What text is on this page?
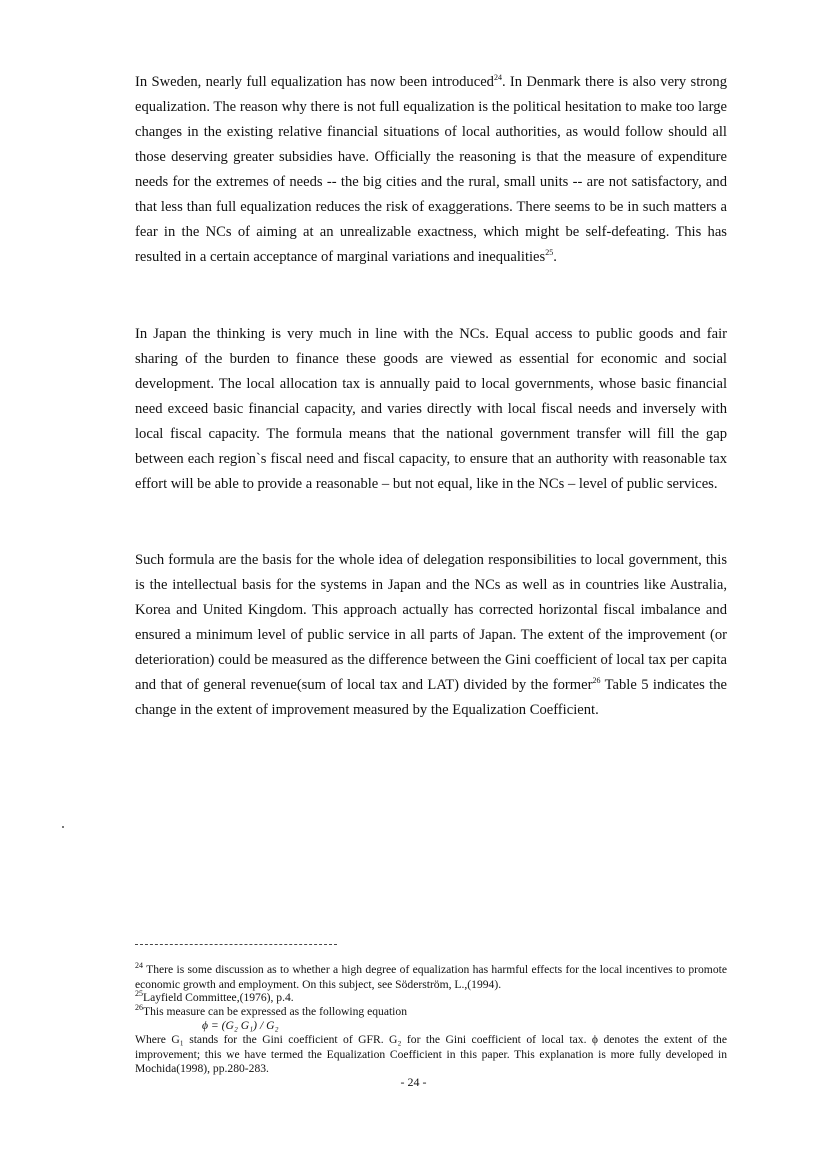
In Sweden, nearly full equalization has now been introduced$^{24}$. In Denmark there is also very strong equalization. The reason why there is not full equalization is the political hesitation to make too large changes in the existing relative financial situations of local authorities, as would follow should all those deserving greater subsidies have. Officially the reasoning is that the measure of expenditure needs for the extremes of needs -- the big cities and the rural, small units -- are not satisfactory, and that less than full equalization reduces the risk of exaggerations. There seems to be in such matters a fear in the NCs of aiming at an unrealizable exactness, which might be self-defeating. This has resulted in a certain acceptance of marginal variations and inequalities$^{25}$.

In Japan the thinking is very much in line with the NCs. Equal access to public goods and fair sharing of the burden to finance these goods are viewed as essential for economic and social development. The local allocation tax is annually paid to local governments, whose basic financial need exceed basic financial capacity, and varies directly with local fiscal needs and inversely with local fiscal capacity. The formula means that the national government transfer will fill the gap between each region`s fiscal need and fiscal capacity, to ensure that an authority with reasonable tax effort will be able to provide a reasonable – but not equal, like in the NCs – level of public services.

Such formula are the basis for the whole idea of delegation responsibilities to local government, this is the intellectual basis for the systems in Japan and the NCs as well as in countries like Australia, Korea and United Kingdom. This approach actually has corrected horizontal fiscal imbalance and ensured a minimum level of public service in all parts of Japan. The extent of the improvement (or deterioration) could be measured as the difference between the Gini coefficient of local tax per capita and that of general revenue(sum of local tax and LAT) divided by the former$^{26}$ Table 5 indicates the change in the extent of improvement measured by the Equalization Coefficient.

$^{24}$ There is some discussion as to whether a high degree of equalization has harmful effects for the local incentives to promote economic growth and employment. On this subject, see Söderström, L.,(1994).

$^{25}$Layfield Committee,(1976), p.4.

$^{26}$This measure can be expressed as the following equation

ϕ = (G₂ G₁) / G₂

Where G₁ stands for the Gini coefficient of GFR. G₂ for the Gini coefficient of local tax. ϕ denotes the extent of the improvement; this we have termed the Equalization Coefficient in this paper. This explanation is more fully developed in Mochida(1998), pp.280-283.

- 24 -
